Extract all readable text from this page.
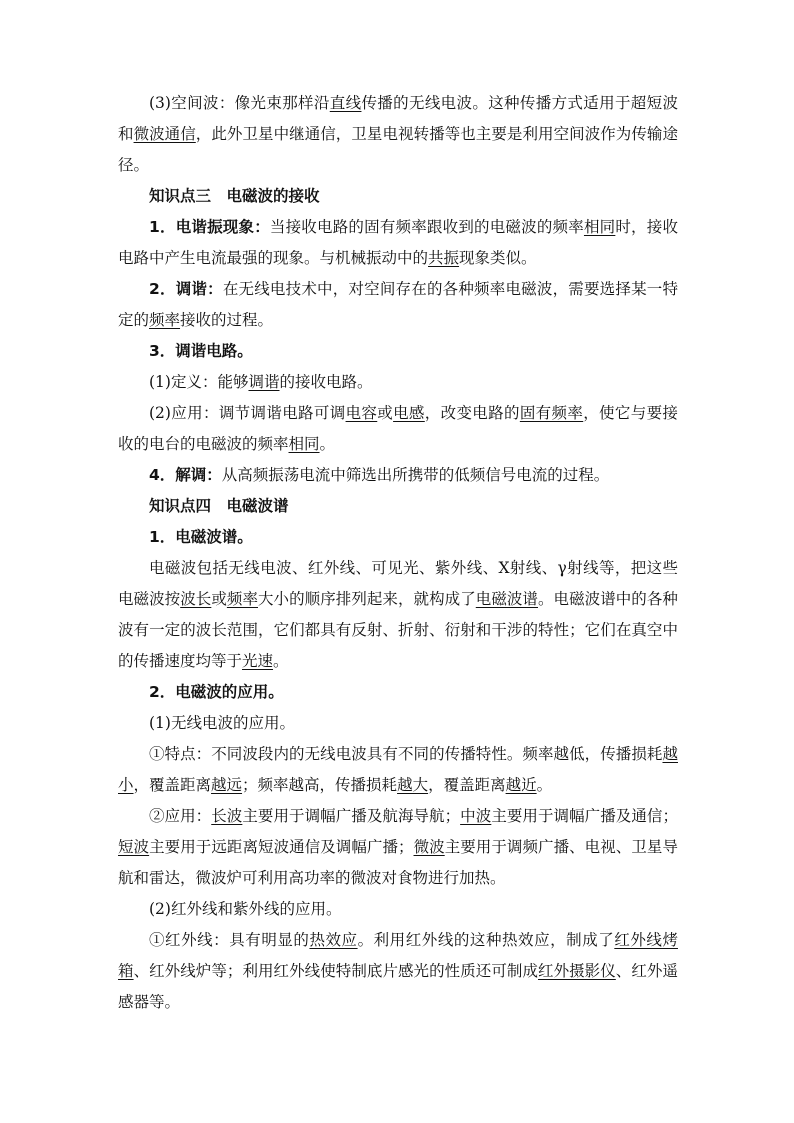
(3)空间波：像光束那样沿直线传播的无线电波。这种传播方式适用于超短波和微波通信，此外卫星中继通信，卫星电视转播等也主要是利用空间波作为传输途径。

知识点三　电磁波的接收

1．电谐振现象：当接收电路的固有频率跟收到的电磁波的频率相同时，接收电路中产生电流最强的现象。与机械振动中的共振现象类似。

2．调谐：在无线电技术中，对空间存在的各种频率电磁波，需要选择某一特定的频率接收的过程。

3．调谐电路。

(1)定义：能够调谐的接收电路。

(2)应用：调节调谐电路可调电容或电感，改变电路的固有频率，使它与要接收的电台的电磁波的频率相同。

4．解调：从高频振荡电流中筛选出所携带的低频信号电流的过程。

知识点四　电磁波谱

1．电磁波谱。

电磁波包括无线电波、红外线、可见光、紫外线、X射线、γ射线等，把这些电磁波按波长或频率大小的顺序排列起来，就构成了电磁波谱。电磁波谱中的各种波有一定的波长范围，它们都具有反射、折射、衍射和干涉的特性；它们在真空中的传播速度均等于光速。

2．电磁波的应用。

(1)无线电波的应用。

①特点：不同波段内的无线电波具有不同的传播特性。频率越低，传播损耗越小，覆盖距离越远；频率越高，传播损耗越大，覆盖距离越近。

②应用：长波主要用于调幅广播及航海导航；中波主要用于调幅广播及通信；短波主要用于远距离短波通信及调幅广播；微波主要用于调频广播、电视、卫星导航和雷达，微波炉可利用高功率的微波对食物进行加热。

(2)红外线和紫外线的应用。

①红外线：具有明显的热效应。利用红外线的这种热效应，制成了红外线烤箱、红外线炉等；利用红外线使特制底片感光的性质还可制成红外摄影仪、红外遥感器等。
